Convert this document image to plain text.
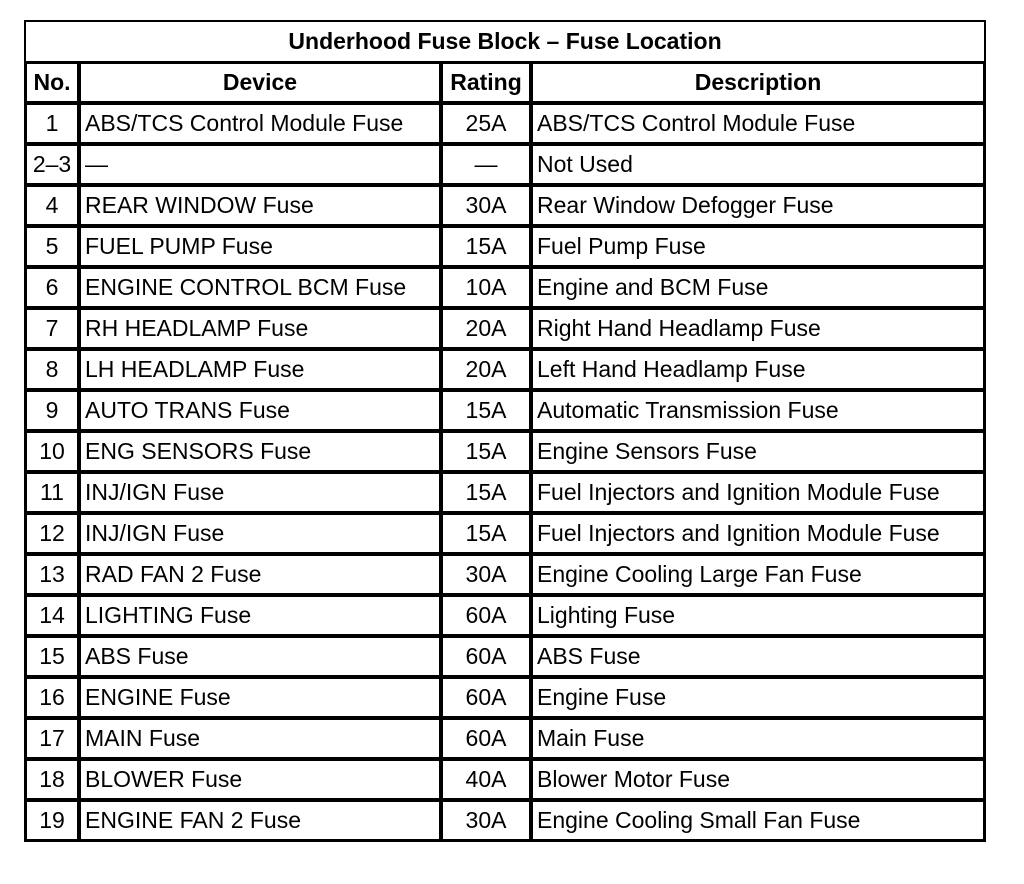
Underhood Fuse Block – Fuse Location			
No.	Device	Rating	Description
1	ABS/TCS Control Module Fuse	25A	ABS/TCS Control Module Fuse
2–3	—	—	Not Used
4	REAR WINDOW Fuse	30A	Rear Window Defogger Fuse
5	FUEL PUMP Fuse	15A	Fuel Pump Fuse
6	ENGINE CONTROL BCM Fuse	10A	Engine and BCM Fuse
7	RH HEADLAMP Fuse	20A	Right Hand Headlamp Fuse
8	LH HEADLAMP Fuse	20A	Left Hand Headlamp Fuse
9	AUTO TRANS Fuse	15A	Automatic Transmission Fuse
10	ENG SENSORS Fuse	15A	Engine Sensors Fuse
11	INJ/IGN Fuse	15A	Fuel Injectors and Ignition Module Fuse
12	INJ/IGN Fuse	15A	Fuel Injectors and Ignition Module Fuse
13	RAD FAN 2 Fuse	30A	Engine Cooling Large Fan Fuse
14	LIGHTING Fuse	60A	Lighting Fuse
15	ABS Fuse	60A	ABS Fuse
16	ENGINE Fuse	60A	Engine Fuse
17	MAIN Fuse	60A	Main Fuse
18	BLOWER Fuse	40A	Blower Motor Fuse
19	ENGINE FAN 2 Fuse	30A	Engine Cooling Small Fan Fuse
